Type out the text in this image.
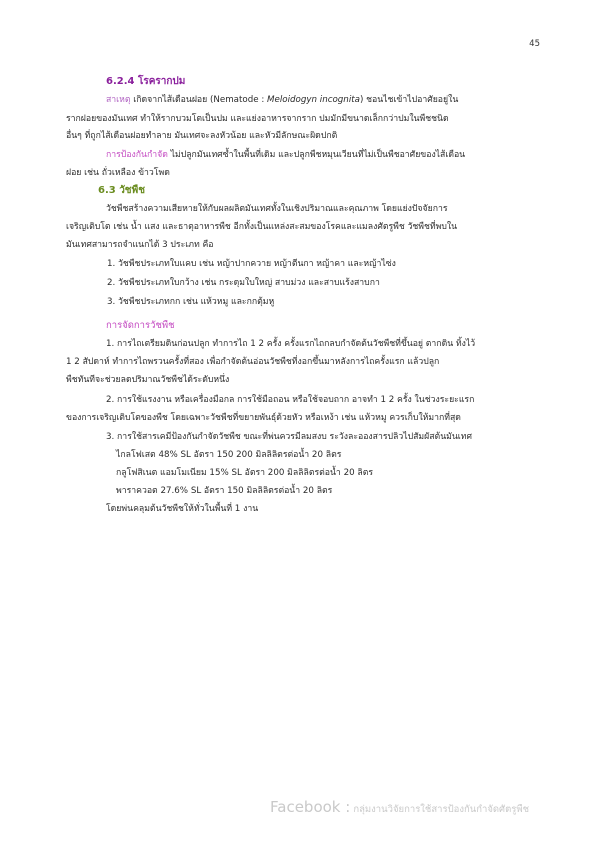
45
6.2.4 โรครากปม
สาเหตุ เกิดจากไส้เดือนฝอย (Nematode : Meloidogyn incognita) ชอนไชเข้าไปอาศัยอยู่ใน
รากฝอยของมันเทศ ทำให้รากบวมโตเป็นปม และแย่งอาหารจากราก ปมมักมีขนาดเล็กกว่าปมในพืชชนิด
อื่นๆ ที่ถูกไส้เดือนฝอยทำลาย มันเทศจะลงหัวน้อย และหัวมีลักษณะผิดปกติ
การป้องกันกำจัด ไม่ปลูกมันเทศซ้ำในพื้นที่เดิม และปลูกพืชหมุนเวียนที่ไม่เป็นพืชอาศัยของไส้เดือน
ฝอย เช่น ถั่วเหลือง ข้าวโพด
6.3 วัชพืช
วัชพืชสร้างความเสียหายให้กับผลผลิตมันเทศทั้งในเชิงปริมาณและคุณภาพ โดยแย่งปัจจัยการ
เจริญเติบโต เช่น น้ำ แสง และธาตุอาหารพืช อีกทั้งเป็นแหล่งสะสมของโรคและแมลงศัตรูพืช วัชพืชที่พบใน
มันเทศสามารถจำแนกได้ 3 ประเภท คือ
1. วัชพืชประเภทใบแคบ เช่น หญ้าปากควาย หญ้าตีนกา หญ้าคา และหญ้าไซ่ง
2. วัชพืชประเภทใบกว้าง เช่น กระดุมใบใหญ่ สาบม่วง และสาบแร้งสาบกา
3. วัชพืชประเภทกก เช่น แห้วหมู และกกตุ้มหู
การจัดการวัชพืช
1. การไถเตรียมดินก่อนปลูก ทำการไถ 1 2 ครั้ง ครั้งแรกไถกลบกำจัดต้นวัชพืชที่ขึ้นอยู่ ตากดิน ทิ้งไว้
1 2 สัปดาห์ ทำการไถพรวนครั้งที่สอง เพื่อกำจัดต้นอ่อนวัชพืชที่งอกขึ้นมาหลังการไถครั้งแรก แล้วปลูก
พืชทันทีจะช่วยลดปริมาณวัชพืชได้ระดับหนึ่ง
2. การใช้แรงงาน หรือเครื่องมือกล การใช้มือถอน หรือใช้จอบถาก อาจทำ 1 2 ครั้ง ในช่วงระยะแรก
ของการเจริญเติบโตของพืช โดยเฉพาะวัชพืชที่ขยายพันธุ์ด้วยหัว หรือเหง้า เช่น แห้วหมู ควรเก็บให้มากที่สุด
3. การใช้สารเคมีป้องกันกำจัดวัชพืช ขณะที่พ่นควรมีลมสงบ ระวังละอองสารปลิวไปสัมผัสต้นมันเทศ
ไกลโฟเสต 48% SL อัตรา 150 200 มิลลิลิตรต่อน้ำ 20 ลิตร
กลูโฟสิเนต แอมโมเนียม 15% SL อัตรา 200 มิลลิลิตรต่อน้ำ 20 ลิตร
พาราควอต 27.6% SL อัตรา 150 มิลลิลิตรต่อน้ำ 20 ลิตร
โดยพ่นคลุมต้นวัชพืชให้ทั่วในพื้นที่ 1 งาน
Facebook : กลุ่มงานวิจัยการใช้สารป้องกันกำจัดศัตรูพืช
